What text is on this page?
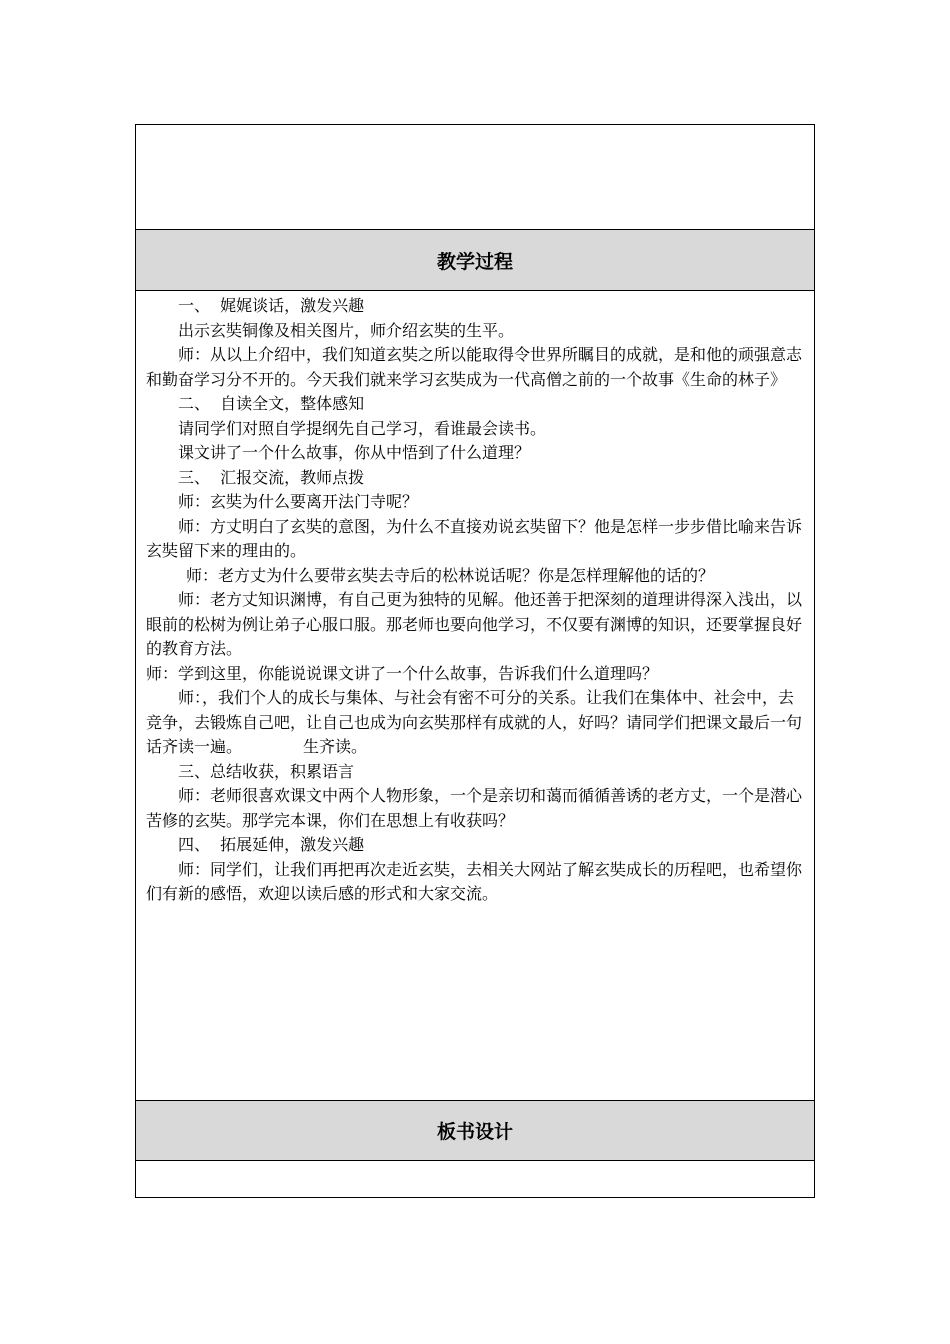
教学过程

一、  娓娓谈话，激发兴趣

出示玄奘铜像及相关图片，师介绍玄奘的生平。

师：从以上介绍中，我们知道玄奘之所以能取得令世界所瞩目的成就，是和他的顽强意志和勤奋学习分不开的。今天我们就来学习玄奘成为一代高僧之前的一个故事《生命的林子》

二、  自读全文，整体感知

请同学们对照自学提纲先自己学习，看谁最会读书。

课文讲了一个什么故事，你从中悟到了什么道理？

三、  汇报交流，教师点拨

师：玄奘为什么要离开法门寺呢？

师：方丈明白了玄奘的意图，为什么不直接劝说玄奘留下？他是怎样一步步借比喻来告诉玄奘留下来的理由的。

师：老方丈为什么要带玄奘去寺后的松林说话呢？你是怎样理解他的话的？

师：老方丈知识渊博，有自己更为独特的见解。他还善于把深刻的道理讲得深入浅出，以眼前的松树为例让弟子心服口服。那老师也要向他学习，不仅要有渊博的知识，还要掌握良好的教育方法。

师：学到这里，你能说说课文讲了一个什么故事，告诉我们什么道理吗？

师：，我们个人的成长与集体、与社会有密不可分的关系。让我们在集体中、社会中，去竞争，去锻炼自己吧，让自己也成为向玄奘那样有成就的人，好吗？请同学们把课文最后一句话齐读一遍。            生齐读。

三、总结收获，积累语言

师：老师很喜欢课文中两个人物形象，一个是亲切和蔼而循循善诱的老方丈，一个是潜心苦修的玄奘。那学完本课，你们在思想上有收获吗？

四、  拓展延伸，激发兴趣

师：同学们，让我们再把再次走近玄奘，去相关大网站了解玄奘成长的历程吧，也希望你们有新的感悟，欢迎以读后感的形式和大家交流。

板书设计
